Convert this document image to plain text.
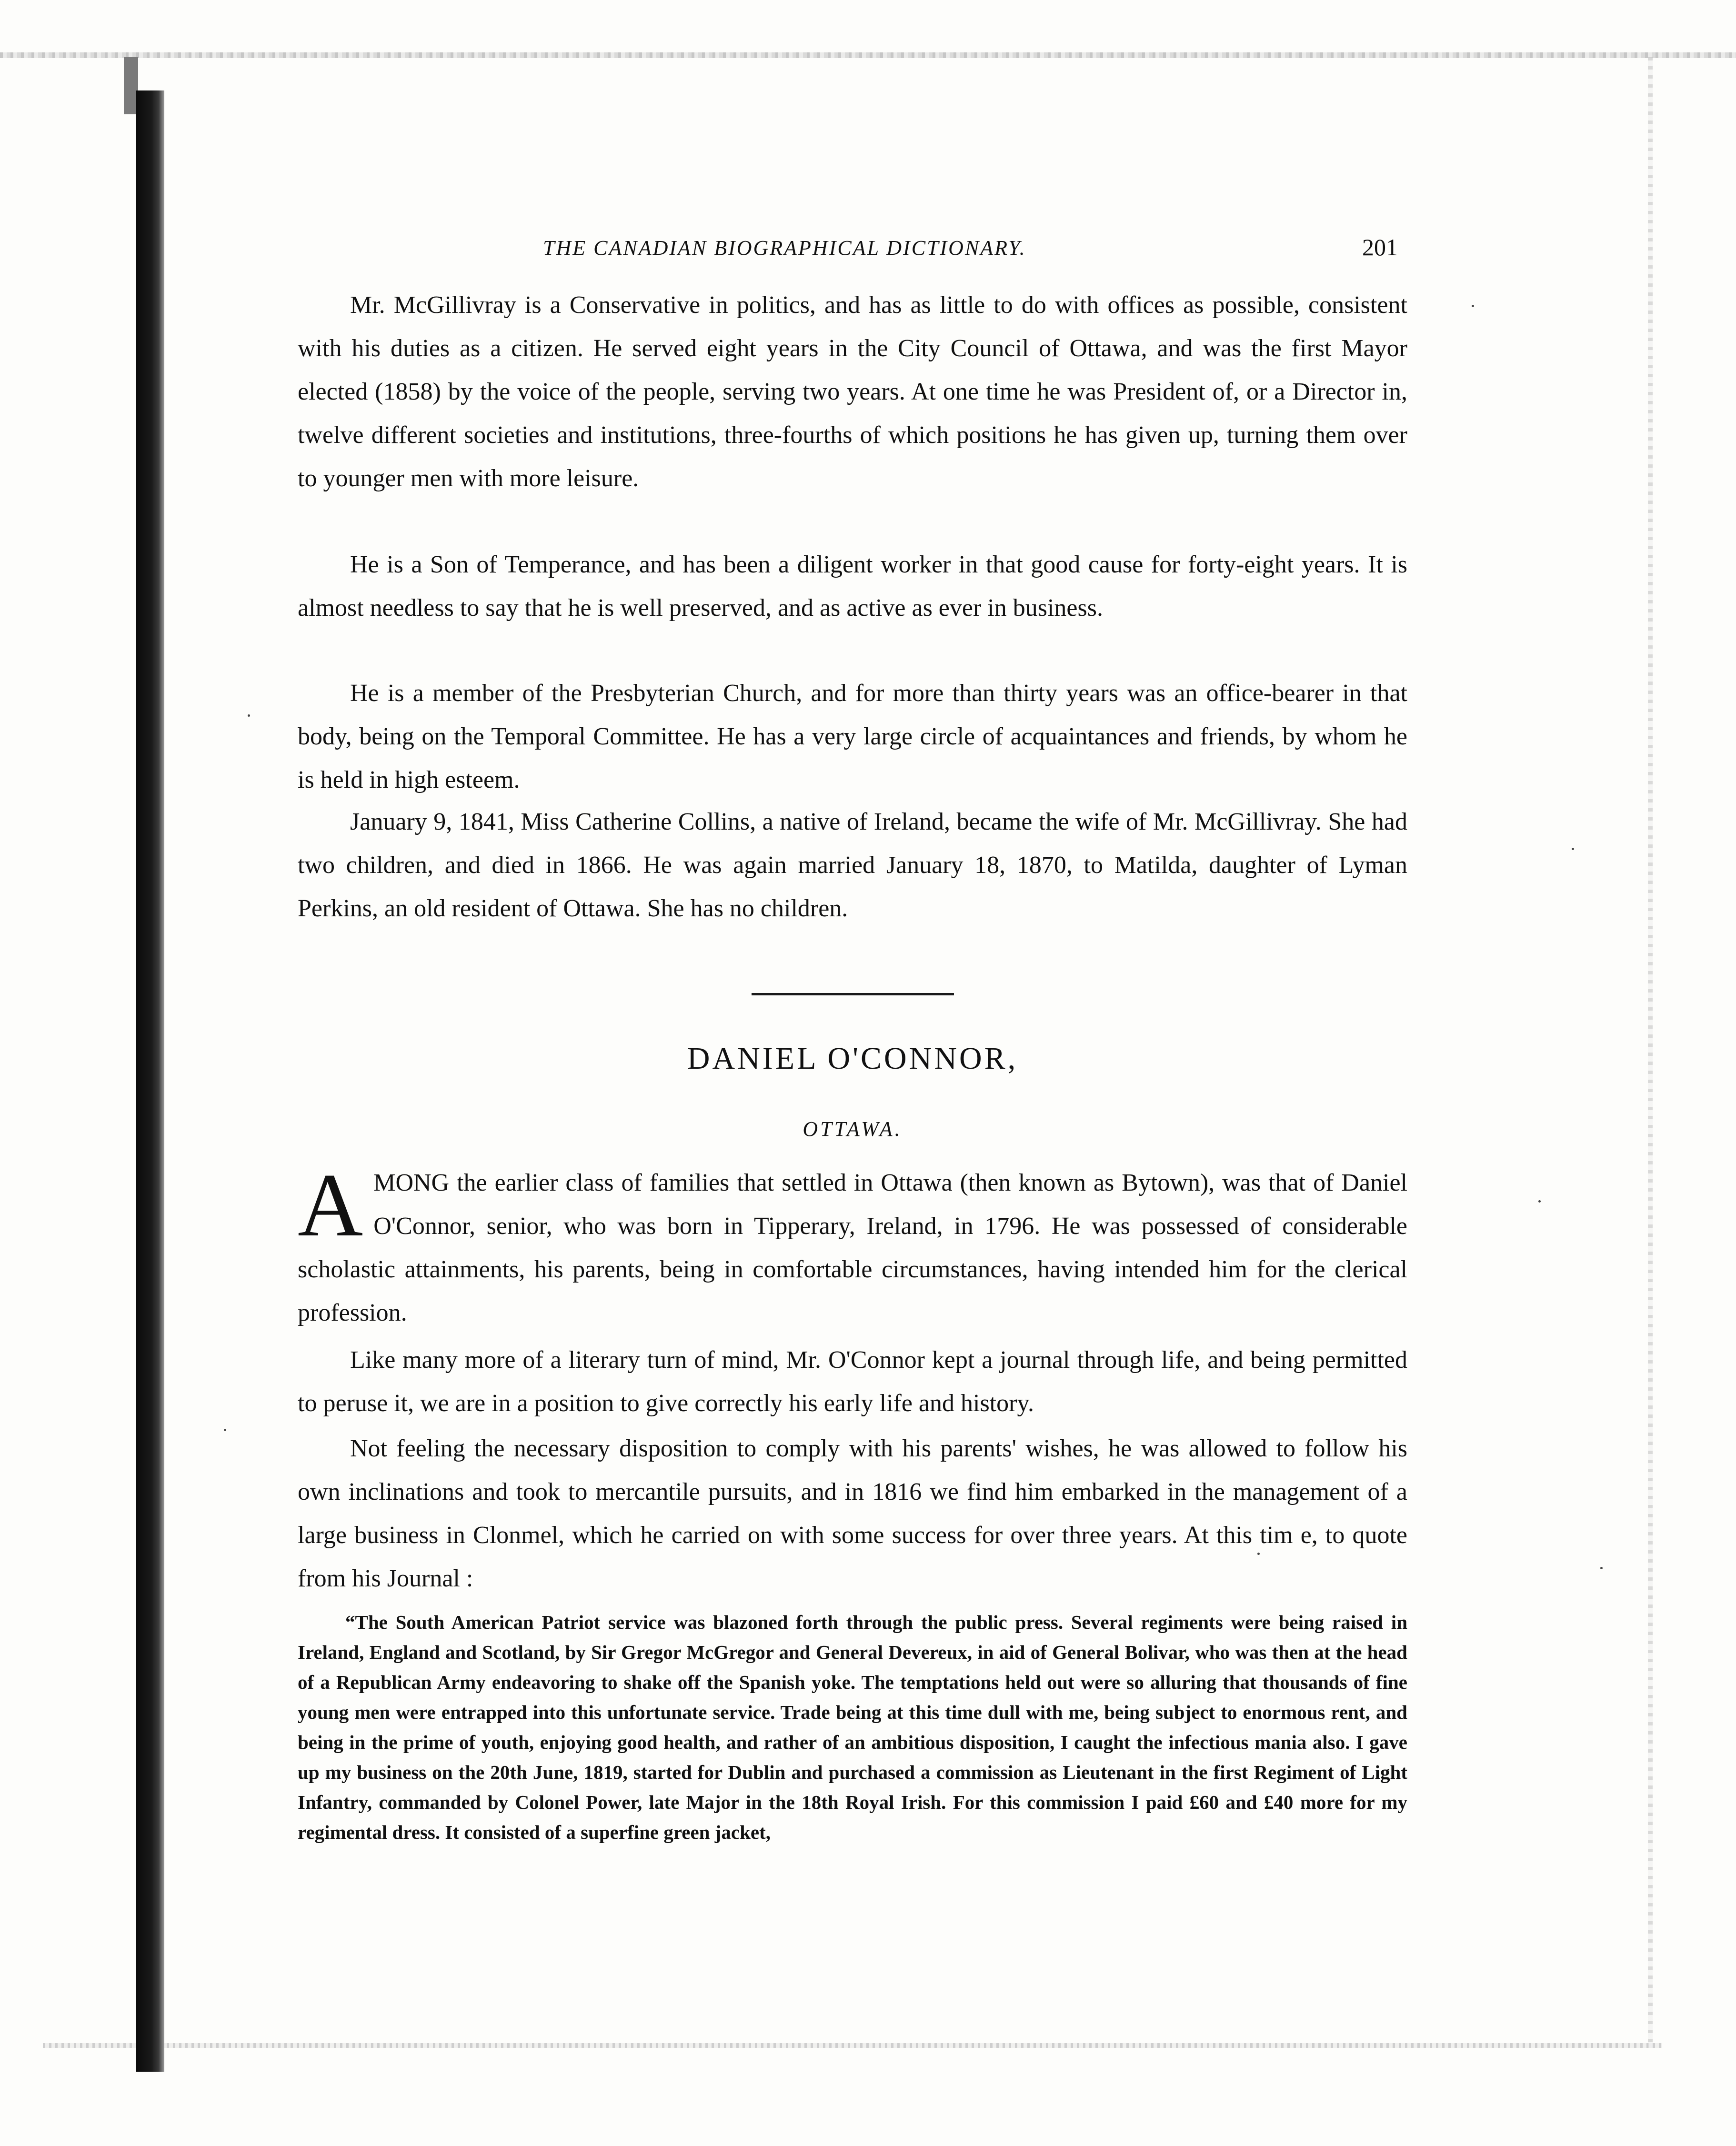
THE CANADIAN BIOGRAPHICAL DICTIONARY.	201

Mr. McGillivray is a Conservative in politics, and has as little to do with offices as possible, consistent with his duties as a citizen. He served eight years in the City Council of Ottawa, and was the first Mayor elected (1858) by the voice of the people, serving two years. At one time he was President of, or a Director in, twelve different societies and institutions, three-fourths of which positions he has given up, turning them over to younger men with more leisure.

He is a Son of Temperance, and has been a diligent worker in that good cause for forty-eight years. It is almost needless to say that he is well preserved, and as active as ever in business.

He is a member of the Presbyterian Church, and for more than thirty years was an office-bearer in that body, being on the Temporal Committee. He has a very large circle of acquaintances and friends, by whom he is held in high esteem.

January 9, 1841, Miss Catherine Collins, a native of Ireland, became the wife of Mr. McGillivray. She had two children, and died in 1866. He was again married January 18, 1870, to Matilda, daughter of Lyman Perkins, an old resident of Ottawa. She has no children.

DANIEL O'CONNOR,
OTTAWA.

AMONG the earlier class of families that settled in Ottawa (then known as Bytown), was that of Daniel O'Connor, senior, who was born in Tipperary, Ireland, in 1796. He was possessed of considerable scholastic attainments, his parents, being in comfortable circumstances, having intended him for the clerical profession.

Like many more of a literary turn of mind, Mr. O'Connor kept a journal through life, and being permitted to peruse it, we are in a position to give correctly his early life and history.

Not feeling the necessary disposition to comply with his parents' wishes, he was allowed to follow his own inclinations and took to mercantile pursuits, and in 1816 we find him embarked in the management of a large business in Clonmel, which he carried on with some success for over three years. At this tim e, to quote from his Journal :

“The South American Patriot service was blazoned forth through the public press. Several regiments were being raised in Ireland, England and Scotland, by Sir Gregor McGregor and General Devereux, in aid of General Bolivar, who was then at the head of a Republican Army endeavoring to shake off the Spanish yoke. The temptations held out were so alluring that thousands of fine young men were entrapped into this unfortunate service. Trade being at this time dull with me, being subject to enormous rent, and being in the prime of youth, enjoying good health, and rather of an ambitious disposition, I caught the infectious mania also. I gave up my business on the 20th June, 1819, started for Dublin and purchased a commission as Lieutenant in the first Regiment of Light Infantry, commanded by Colonel Power, late Major in the 18th Royal Irish. For this commission I paid £60 and £40 more for my regimental dress. It consisted of a superfine green jacket,
